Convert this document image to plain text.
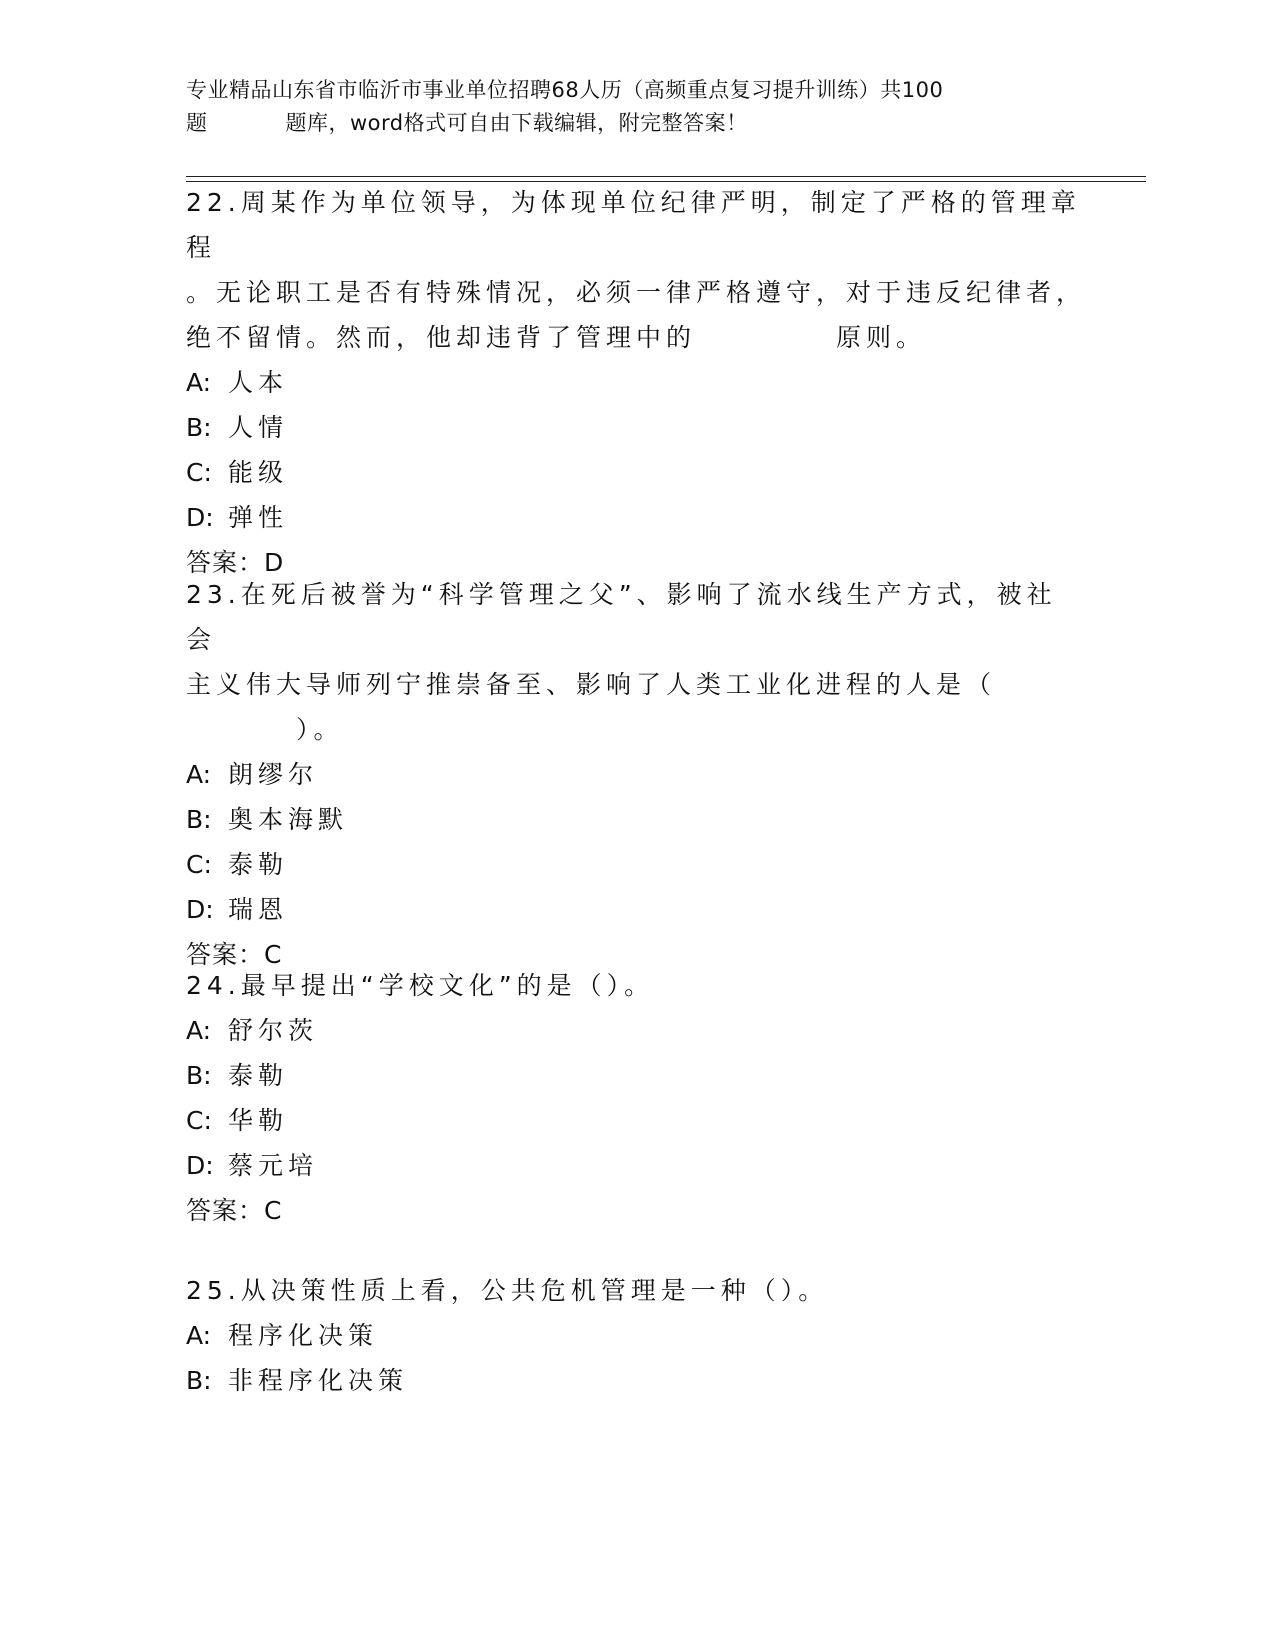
专业精品山东省市临沂市事业单位招聘68人历（高频重点复习提升训练）共100
题	题库，word格式可自由下载编辑，附完整答案！

22.周某作为单位领导，为体现单位纪律严明，制定了严格的管理章程
。无论职工是否有特殊情况，必须一律严格遵守，对于违反纪律者，
绝不留情。然而，他却违背了管理中的	原则。

A: 人本

B: 人情

C: 能级

D: 弹性

答案：D

23.在死后被誉为“科学管理之父”、影响了流水线生产方式，被社会
主义伟大导师列宁推崇备至、影响了人类工业化进程的人是（
）。

A: 朗缪尔

B: 奥本海默

C: 泰勒

D: 瑞恩

答案：C

24.最早提出“学校文化”的是（）。

A: 舒尔茨

B: 泰勒

C: 华勒

D: 蔡元培

答案：C

25.从决策性质上看，公共危机管理是一种（）。

A: 程序化决策

B: 非程序化决策
